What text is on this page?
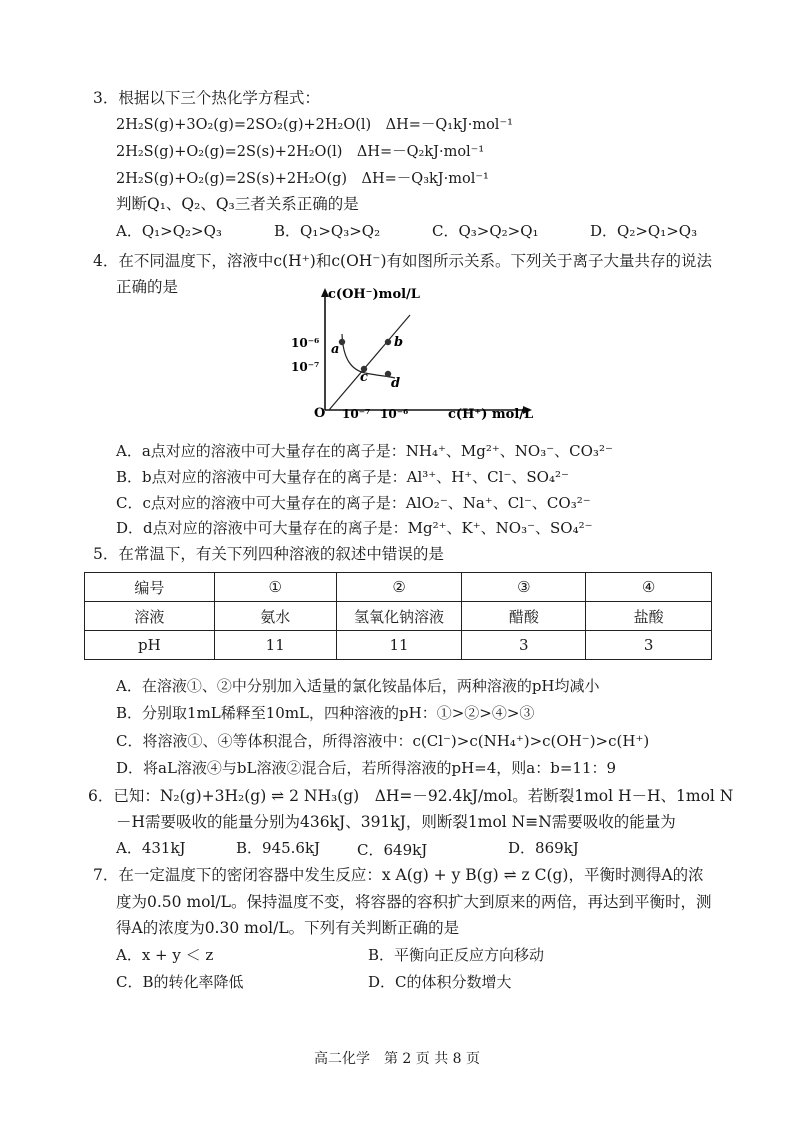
3．根据以下三个热化学方程式：
2H₂S(g)+3O₂(g)=2SO₂(g)+2H₂O(l)　ΔH=－Q₁kJ·mol⁻¹
2H₂S(g)+O₂(g)=2S(s)+2H₂O(l)　ΔH=－Q₂kJ·mol⁻¹
2H₂S(g)+O₂(g)=2S(s)+2H₂O(g)　ΔH=－Q₃kJ·mol⁻¹
判断Q₁、Q₂、Q₃三者关系正确的是
A．Q₁>Q₂>Q₃	B．Q₁>Q₃>Q₂	C．Q₃>Q₂>Q₁	D．Q₂>Q₁>Q₃
4．在不同温度下，溶液中c(H⁺)和c(OH⁻)有如图所示关系。下列关于离子大量共存的说法
正确的是	c(OH⁻)mol/L
c(H⁺) mol/L
O
10⁻⁶
10⁻⁷
10⁻⁷ 10⁻⁶
a	b
c d
A．a点对应的溶液中可大量存在的离子是：NH₄⁺、Mg²⁺、NO₃⁻、CO₃²⁻
B．b点对应的溶液中可大量存在的离子是：Al³⁺、H⁺、Cl⁻、SO₄²⁻
C．c点对应的溶液中可大量存在的离子是：AlO₂⁻、Na⁺、Cl⁻、CO₃²⁻
D．d点对应的溶液中可大量存在的离子是：Mg²⁺、K⁺、NO₃⁻、SO₄²⁻
5．在常温下，有关下列四种溶液的叙述中错误的是
编号	①	②	③	④
溶液	氨水	氢氧化钠溶液	醋酸	盐酸
pH	11	11	3	3
A．在溶液①、②中分别加入适量的氯化铵晶体后，两种溶液的pH均减小
B．分别取1mL稀释至10mL，四种溶液的pH：①>②>④>③
C．将溶液①、④等体积混合，所得溶液中：c(Cl⁻)>c(NH₄⁺)>c(OH⁻)>c(H⁺)
D．将aL溶液④与bL溶液②混合后，若所得溶液的pH=4，则a：b=11：9
6．已知：N₂(g)+3H₂(g) ⇌ 2 NH₃(g)　ΔH=－92.4kJ/mol。若断裂1mol H－H、1mol N
－H需要吸收的能量分别为436kJ、391kJ，则断裂1mol N≡N需要吸收的能量为
A．431kJ	B．945.6kJ C．649kJ	D．869kJ
7．在一定温度下的密闭容器中发生反应：x A(g) + y B(g) ⇌ z C(g)，平衡时测得A的浓
度为0.50 mol/L。保持温度不变，将容器的容积扩大到原来的两倍，再达到平衡时，测
得A的浓度为0.30 mol/L。下列有关判断正确的是
A．x + y ＜ z	B．平衡向正反应方向移动
C．B的转化率降低	D．C的体积分数增大
高二化学　第 2 页 共 8 页
